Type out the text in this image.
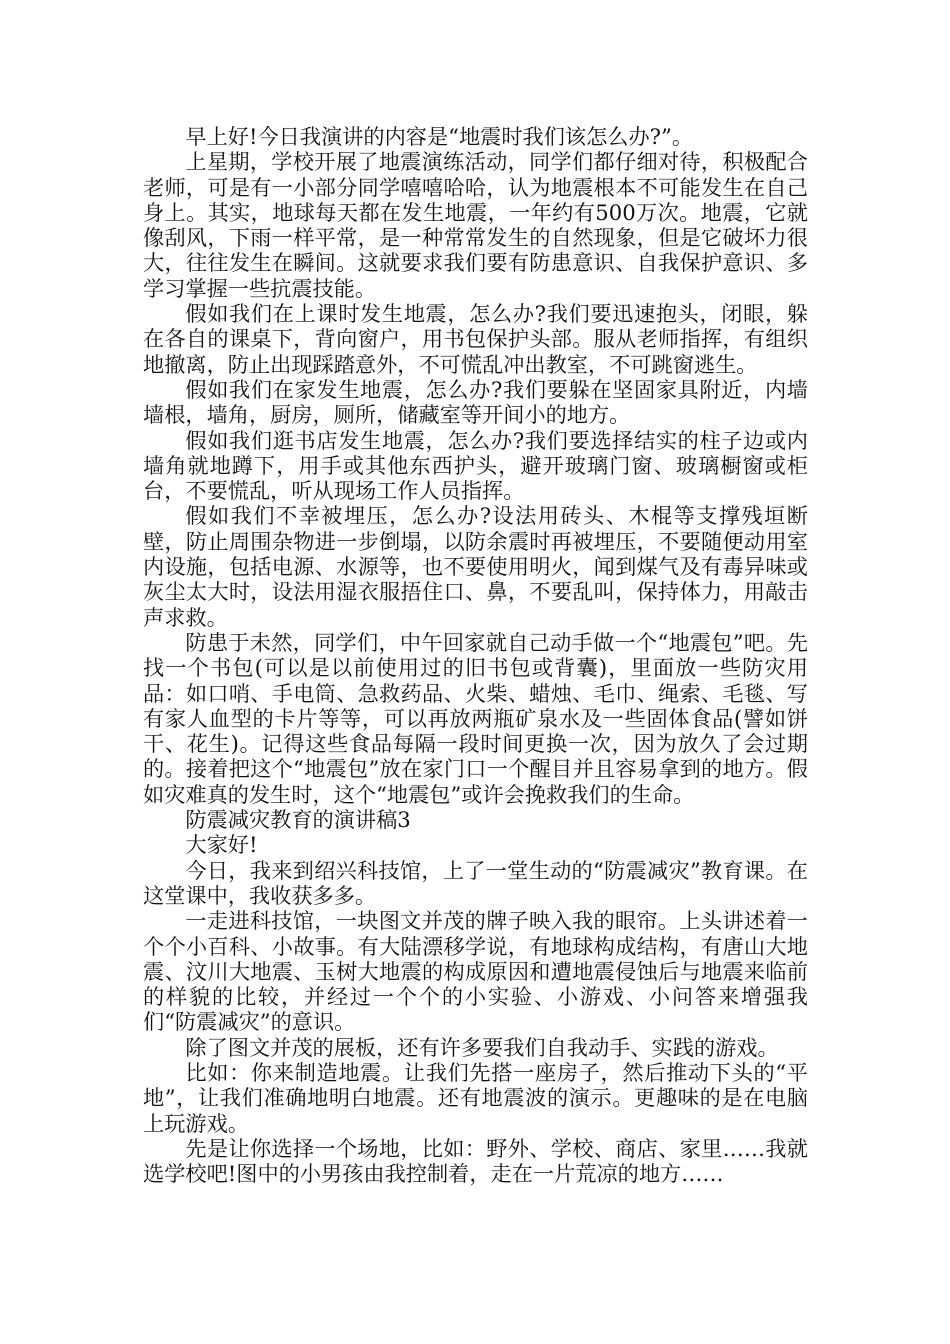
早上好!今日我演讲的内容是“地震时我们该怎么办?”。

上星期，学校开展了地震演练活动，同学们都仔细对待，积极配合老师，可是有一小部分同学嘻嘻哈哈，认为地震根本不可能发生在自己身上。其实，地球每天都在发生地震，一年约有500万次。地震，它就像刮风，下雨一样平常，是一种常常发生的自然现象，但是它破坏力很大，往往发生在瞬间。这就要求我们要有防患意识、自我保护意识、多学习掌握一些抗震技能。

假如我们在上课时发生地震，怎么办?我们要迅速抱头，闭眼，躲在各自的课桌下，背向窗户，用书包保护头部。服从老师指挥，有组织地撤离，防止出现踩踏意外，不可慌乱冲出教室，不可跳窗逃生。

假如我们在家发生地震，怎么办?我们要躲在坚固家具附近，内墙墙根，墙角，厨房，厕所，储藏室等开间小的地方。

假如我们逛书店发生地震，怎么办?我们要选择结实的柱子边或内墙角就地蹲下，用手或其他东西护头，避开玻璃门窗、玻璃橱窗或柜台，不要慌乱，听从现场工作人员指挥。

假如我们不幸被埋压，怎么办?设法用砖头、木棍等支撑残垣断壁，防止周围杂物进一步倒塌，以防余震时再被埋压，不要随便动用室内设施，包括电源、水源等，也不要使用明火，闻到煤气及有毒异味或灰尘太大时，设法用湿衣服捂住口、鼻，不要乱叫，保持体力，用敲击声求救。

防患于未然，同学们，中午回家就自己动手做一个“地震包”吧。先找一个书包(可以是以前使用过的旧书包或背囊)，里面放一些防灾用品：如口哨、手电筒、急救药品、火柴、蜡烛、毛巾、绳索、毛毯、写有家人血型的卡片等等，可以再放两瓶矿泉水及一些固体食品(譬如饼干、花生)。记得这些食品每隔一段时间更换一次，因为放久了会过期的。接着把这个“地震包”放在家门口一个醒目并且容易拿到的地方。假如灾难真的发生时，这个“地震包”或许会挽救我们的生命。

防震减灾教育的演讲稿3

大家好!

今日，我来到绍兴科技馆，上了一堂生动的“防震减灾”教育课。在这堂课中，我收获多多。

一走进科技馆，一块图文并茂的牌子映入我的眼帘。上头讲述着一个个小百科、小故事。有大陆漂移学说，有地球构成结构，有唐山大地震、汶川大地震、玉树大地震的构成原因和遭地震侵蚀后与地震来临前的样貌的比较，并经过一个个的小实验、小游戏、小问答来增强我们“防震减灾”的意识。

除了图文并茂的展板，还有许多要我们自我动手、实践的游戏。

比如：你来制造地震。让我们先搭一座房子，然后推动下头的“平地”，让我们准确地明白地震。还有地震波的演示。更趣味的是在电脑上玩游戏。

先是让你选择一个场地，比如：野外、学校、商店、家里……我就选学校吧!图中的小男孩由我控制着，走在一片荒凉的地方……
